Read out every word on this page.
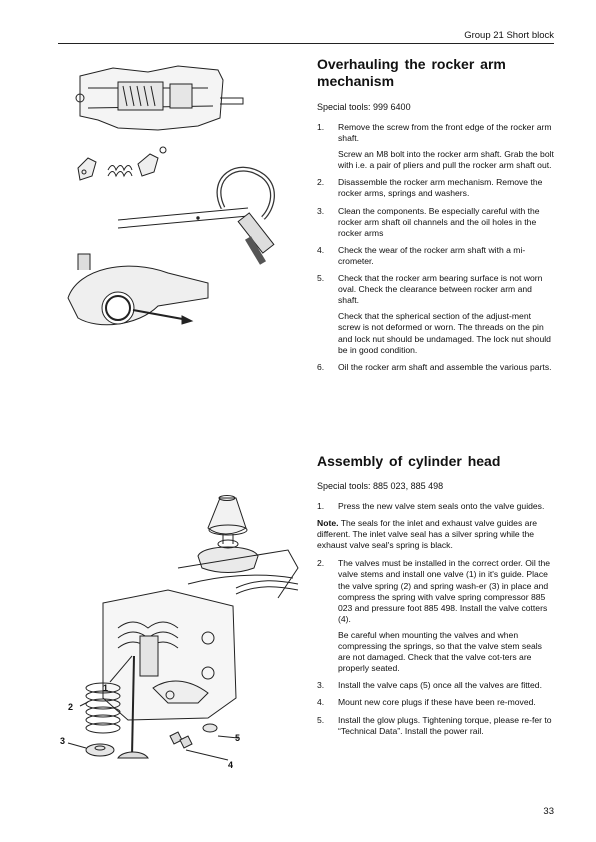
Group 21 Short block
Overhauling the rocker arm mechanism
Special tools: 999 6400
1. Remove the screw from the front edge of the rocker arm shaft.
Screw an M8 bolt into the rocker arm shaft. Grab the bolt with i.e. a pair of pliers and pull the rocker arm shaft out.
2. Disassemble the rocker arm mechanism. Remove the rocker arms, springs and washers.
3. Clean the components. Be especially careful with the rocker arm shaft oil channels and the oil holes in the rocker arms
4. Check the wear of the rocker arm shaft with a mi-crometer.
5. Check that the rocker arm bearing surface is not worn oval. Check the clearance between rocker arm and shaft.
Check that the spherical section of the adjust-ment screw is not deformed or worn. The threads on the pin and lock nut should be undamaged. The lock nut should be in good condition.
6. Oil the rocker arm shaft and assemble the various parts.
1
2
3
4
5
Assembly of cylinder head
Special tools: 885 023, 885 498
1. Press the new valve stem seals onto the valve guides.
Note. The seals for the inlet and exhaust valve guides are different. The inlet valve seal has a silver spring while the exhaust valve seal's spring is black.
2. The valves must be installed in the correct order. Oil the valve stems and install one valve (1) in it's guide. Place the valve spring (2) and spring wash-er (3) in place and compress the spring with valve spring compressor 885 023 and pressure foot 885 498. Install the valve cotters (4).
Be careful when mounting the valves and when compressing the springs, so that the valve stem seals are not damaged. Check that the valve cot-ters are properly seated.
3. Install the valve caps (5) once all the valves are fitted.
4. Mount new core plugs if these have been re-moved.
5. Install the glow plugs. Tightening torque, please re-fer to “Technical Data”. Install the power rail.
33
